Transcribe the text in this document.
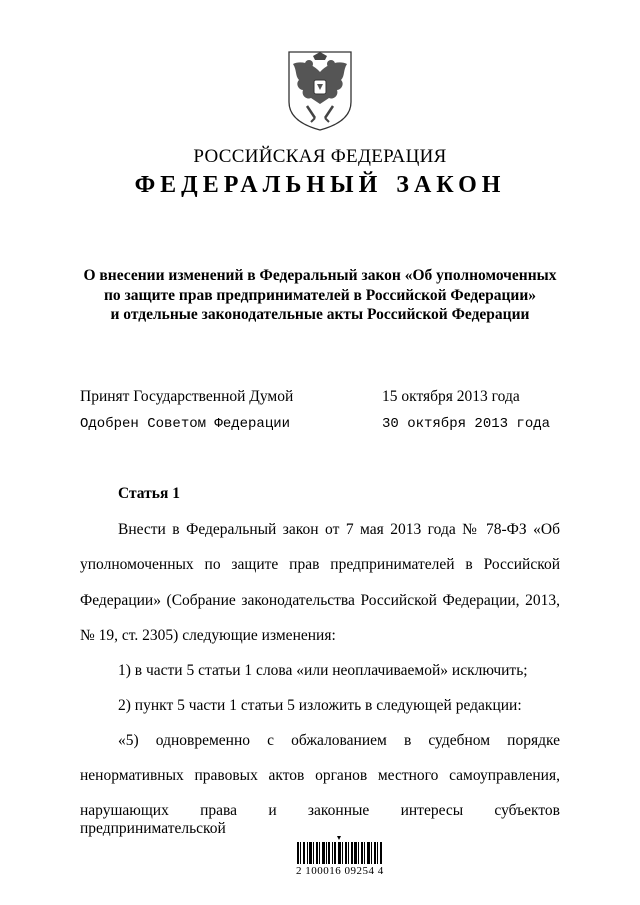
РОССИЙСКАЯ ФЕДЕРАЦИЯ
ФЕДЕРАЛЬНЫЙ ЗАКОН
О внесении изменений в Федеральный закон «Об уполномоченных
по защите прав предпринимателей в Российской Федерации»
и отдельные законодательные акты Российской Федерации
Принят Государственной Думой	15 октября 2013 года
Одобрен Советом Федерации	30 октября 2013 года
Статья 1
Внести в Федеральный закон от 7 мая 2013 года № 78-ФЗ «Об
уполномоченных по защите прав предпринимателей в Российской
Федерации» (Собрание законодательства Российской Федерации, 2013,
№ 19, ст. 2305) следующие изменения:
1) в части 5 статьи 1 слова «или неоплачиваемой» исключить;
2) пункт 5 части 1 статьи 5 изложить в следующей редакции:
«5) одновременно с обжалованием в судебном порядке
ненормативных правовых актов органов местного самоуправления,
нарушающих права и законные интересы субъектов предпринимательской
2 100016 09254 4
